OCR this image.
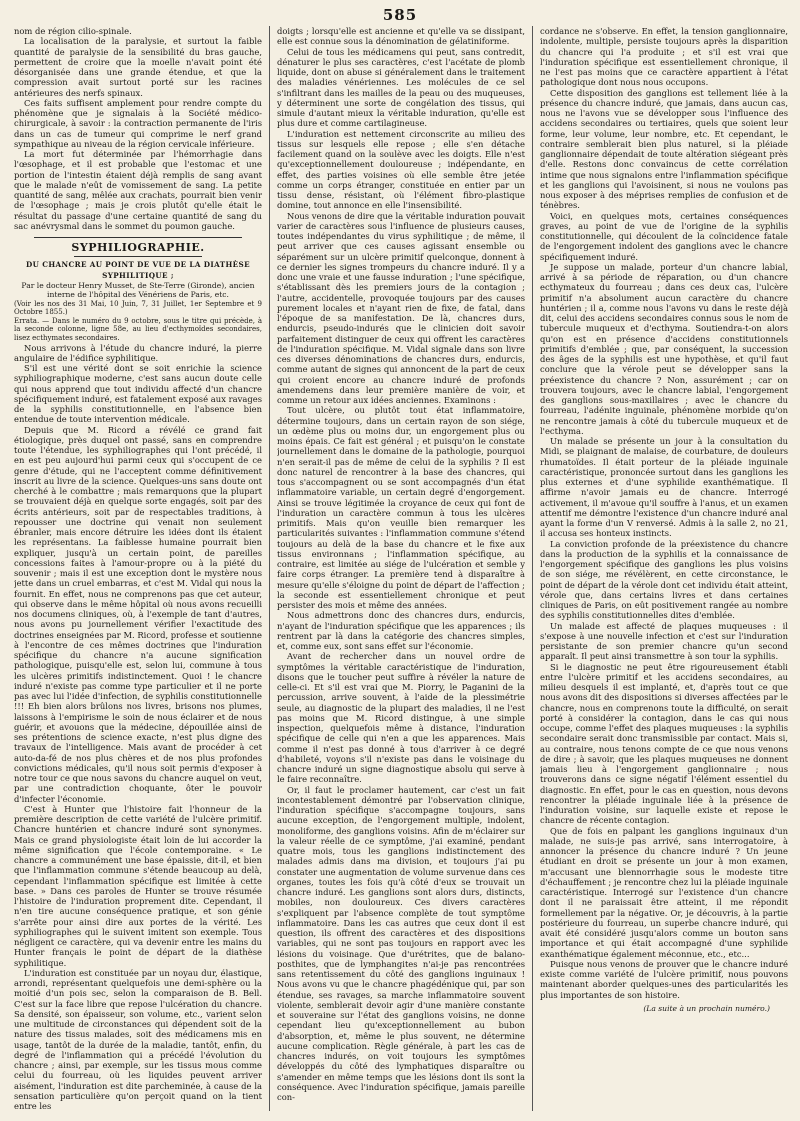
585

nom de région cilio-spinale.

La localisation de la paralysie, et surtout la faible quantité de paralysie de la sensibilité du bras gauche, permettent de croire que la moelle n'avait point été désorganisée dans une grande étendue, et que la compression avait surtout porté sur les racines antérieures des nerfs spinaux.

Ces faits suffisent amplement pour rendre compte du phénomène que je signalais à la Société médico-chirurgicale, à savoir : la contraction permanente de l'iris dans un cas de tumeur qui comprime le nerf grand sympathique au niveau de la région cervicale inférieure.

La mort fut déterminée par l'hémorrhagie dans l'œsophage, et il est probable que l'estomac et une portion de l'intestin étaient déjà remplis de sang avant que le malade n'eût de vomissement de sang. La petite quantité de sang, mêlée aux crachats, pourrait bien venir de l'œsophage ; mais je crois plutôt qu'elle était le résultat du passage d'une certaine quantité de sang du sac anévrysmal dans le sommet du poumon gauche.

SYPHILIOGRAPHIE.

DU CHANCRE AU POINT DE VUE DE LA DIATHÈSE SYPHILITIQUE ;

Par le docteur Henry Musset, de Ste-Terre (Gironde), ancien interne de l'hôpital des Vénériens de Paris, etc.

(Voir les nos des 31 Mai, 10 Juin, 7, 31 Juillet, 1er Septembre et 9 Octobre 1855.)

Errata. — Dans le numéro du 9 octobre, sous le titre qui précède, à la seconde colonne, ligne 58e, au lieu d'ecthymoïdes secondaires, lisez ecthymates secondaires.

Nous arrivons à l'étude du chancre induré, la pierre angulaire de l'édifice syphilitique.

S'il est une vérité dont se soit enrichie la science syphiliographique moderne, c'est sans aucun doute celle qui nous apprend que tout individu affecté d'un chancre spécifiquement induré, est fatalement exposé aux ravages de la syphilis constitutionnelle, en l'absence bien entendue de toute intervention médicale.

Depuis que M. Ricord a révélé ce grand fait étiologique, près duquel ont passé, sans en comprendre toute l'étendue, les syphiliographes qui l'ont précédé, il en est peu aujourd'hui parmi ceux qui s'occupent de ce genre d'étude, qui ne l'acceptent comme définitivement inscrit au livre de la science. Quelques-uns sans doute ont cherché à le combattre ; mais remarquons que la plupart se trouvaient déjà en quelque sorte engagés, soit par des écrits antérieurs, soit par de respectables traditions, à repousser une doctrine qui venait non seulement ébranler, mais encore détruire les idées dont ils étaient les représentans. La faiblesse humaine pourrait bien expliquer, jusqu'à un certain point, de pareilles concessions faites à l'amour-propre ou à la piété du souvenir ; mais il est une exception dont le mystère nous jette dans un cruel embarras, et c'est M. Vidal qui nous la fournit. En effet, nous ne comprenons pas que cet auteur, qui observe dans le même hôpital où nous avons recueilli nos documens cliniques, où, à l'exemple de tant d'autres, nous avons pu journellement vérifier l'exactitude des doctrines enseignées par M. Ricord, professe et soutienne à l'encontre de ces mêmes doctrines que l'induration spécifique du chancre n'a aucune signification pathologique, puisqu'elle est, selon lui, commune à tous les ulcères primitifs indistinctement. Quoi ! le chancre induré n'existe pas comme type particulier et il ne porte pas avec lui l'idée d'infection, de syphilis constitutionnelle !!! Eh bien alors brûlons nos livres, brisons nos plumes, laissons à l'empirisme le soin de nous éclairer et de nous guérir, et avouons que la médecine, dépouillée ainsi de ses prétentions de science exacte, n'est plus digne des travaux de l'intelligence. Mais avant de procéder à cet auto-da-fé de nos plus chères et de nos plus profondes convictions médicales, qu'il nous soit permis d'exposer à notre tour ce que nous savons du chancre auquel on veut, par une contradiction choquante, ôter le pouvoir d'infecter l'économie.

C'est à Hunter que l'histoire fait l'honneur de la première description de cette variété de l'ulcère primitif. Chancre huntérien et chancre induré sont synonymes. Mais ce grand physiologiste était loin de lui accorder la même signification que l'école contemporaine. « Le chancre a communément une base épaissie, dit-il, et bien que l'inflammation commune s'étende beaucoup au delà, cependant l'inflammation spécifique est limitée à cette base. » Dans ces paroles de Hunter se trouve résumée l'histoire de l'induration proprement dite. Cependant, il n'en tire aucune conséquence pratique, et son génie s'arrête pour ainsi dire aux portes de la vérité. Les syphiliographes qui le suivent imitent son exemple. Tous négligent ce caractère, qui va devenir entre les mains du Hunter français le point de départ de la diathèse syphilitique.

L'induration est constituée par un noyau dur, élastique, arrondi, représentant quelquefois une demi-sphère ou la moitié d'un pois sec, selon la comparaison de B. Bell. C'est sur la face libre que repose l'ulcération du chancre. Sa densité, son épaisseur, son volume, etc., varient selon une multitude de circonstances qui dépendent soit de la nature des tissus malades, soit des médicamens mis en usage, tantôt de la durée de la maladie, tantôt, enfin, du degré de l'inflammation qui a précédé l'évolution du chancre ; ainsi, par exemple, sur les tissus mous comme celui du fourreau, où les liquides peuvent arriver aisément, l'induration est dite parcheminée, à cause de la sensation particulière qu'on perçoit quand on la tient entre les

doigts ; lorsqu'elle est ancienne et qu'elle va se dissipant, elle est connue sous la dénomination de gélatiniforme.

Celui de tous les médicamens qui peut, sans contredit, dénaturer le plus ses caractères, c'est l'acétate de plomb liquide, dont on abuse si généralement dans le traitement des maladies vénériennes. Les molécules de ce sel s'infiltrant dans les mailles de la peau ou des muqueuses, y déterminent une sorte de congélation des tissus, qui simule d'autant mieux la véritable induration, qu'elle est plus dure et comme cartilagineuse.

L'induration est nettement circonscrite au milieu des tissus sur lesquels elle repose ; elle s'en détache facilement quand on la soulève avec les doigts. Elle n'est qu'exceptionnellement douloureuse ; indépendante, en effet, des parties voisines où elle semble être jetée comme un corps étranger, constituée en entier par un tissu dense, résistant, où l'élément fibro-plastique domine, tout annonce en elle l'insensibilité.

Nous venons de dire que la véritable induration pouvait varier de caractères sous l'influence de plusieurs causes, toutes indépendantes du virus syphilitique ; de même, il peut arriver que ces causes agissant ensemble ou séparément sur un ulcère primitif quelconque, donnent à ce dernier les signes trompeurs du chancre induré. Il y a donc une vraie et une fausse induration ; l'une spécifique, s'établissant dès les premiers jours de la contagion ; l'autre, accidentelle, provoquée toujours par des causes purement locales et n'ayant rien de fixe, de fatal, dans l'époque de sa manifestation. De là, chancres durs, endurcis, pseudo-indurés que le clinicien doit savoir parfaitement distinguer de ceux qui offrent les caractères de l'induration spécifique. M. Vidal signale dans son livre ces diverses dénominations de chancres durs, endurcis, comme autant de signes qui annoncent de la part de ceux qui croient encore au chancre induré de profonds amendemens dans leur première manière de voir, et comme un retour aux idées anciennes. Examinons :

Tout ulcère, ou plutôt tout état inflammatoire, détermine toujours, dans un certain rayon de son siége, un œdème plus ou moins dur, un engorgement plus ou moins épais. Ce fait est général ; et puisqu'on le constate journellement dans le domaine de la pathologie, pourquoi n'en serait-il pas de même de celui de la syphilis ? Il est donc naturel de rencontrer à la base des chancres, qui tous s'accompagnent ou se sont accompagnés d'un état inflammatoire variable, un certain degré d'engorgement. Ainsi se trouve légitimée la croyance de ceux qui font de l'induration un caractère commun à tous les ulcères primitifs. Mais qu'on veuille bien remarquer les particularités suivantes : l'inflammation commune s'étend toujours au delà de la base du chancre et le fixe aux tissus environnans ; l'inflammation spécifique, au contraire, est limitée au siége de l'ulcération et semble y faire corps étranger. La première tend à disparaître à mesure qu'elle s'éloigne du point de départ de l'affection ; la seconde est essentiellement chronique et peut persister des mois et même des années.

Nous admettrons donc des chancres durs, endurcis, n'ayant de l'induration spécifique que les apparences ; ils rentrent par là dans la catégorie des chancres simples, et, comme eux, sont sans effet sur l'économie.

Avant de rechercher dans un nouvel ordre de symptômes la véritable caractéristique de l'induration, disons que le toucher peut suffire à révéler la nature de celle-ci. Et s'il est vrai que M. Piorry, le Paganini de la percussion, arrive souvent, à l'aide de la plessimétrie seule, au diagnostic de la plupart des maladies, il ne l'est pas moins que M. Ricord distingue, à une simple inspection, quelquefois même à distance, l'induration spécifique de celle qui n'en a que les apparences. Mais comme il n'est pas donné à tous d'arriver à ce degré d'habileté, voyons s'il n'existe pas dans le voisinage du chancre induré un signe diagnostique absolu qui serve à le faire reconnaître.

Or, il faut le proclamer hautement, car c'est un fait incontestablement démontré par l'observation clinique, l'induration spécifique s'accompagne toujours, sans aucune exception, de l'engorgement multiple, indolent, monoliforme, des ganglions voisins. Afin de m'éclairer sur la valeur réelle de ce symptôme, j'ai examiné, pendant quatre mois, tous les ganglions indistinctement des malades admis dans ma division, et toujours j'ai pu constater une augmentation de volume survenue dans ces organes, toutes les fois qu'à côté d'eux se trouvait un chancre induré. Les ganglions sont alors durs, distincts, mobiles, non douloureux. Ces divers caractères s'expliquent par l'absence complète de tout symptôme inflammatoire. Dans les cas autres que ceux dont il est question, ils offrent des caractères et des dispositions variables, qui ne sont pas toujours en rapport avec les lésions du voisinage. Que d'urétrites, que de balano-posthites, que de lymphangites n'ai-je pas rencontrées sans retentissement du côté des ganglions inguinaux ! Nous avons vu que le chancre phagédénique qui, par son étendue, ses ravages, sa marche inflammatoire souvent violente, semblerait devoir agir d'une manière constante et souveraine sur l'état des ganglions voisins, ne donne cependant lieu qu'exceptionnellement au bubon d'absorption, et, même le plus souvent, ne détermine aucune complication. Règle générale, à part les cas de chancres indurés, on voit toujours les symptômes développés du côté des lymphatiques disparaître ou s'amender en même temps que les lésions dont ils sont la conséquence. Avec l'induration spécifique, jamais pareille con-

cordance ne s'observe. En effet, la tension ganglionnaire, indolente, multiple, persiste toujours après la disparition du chancre qui l'a produite ; et s'il est vrai que l'induration spécifique est essentiellement chronique, il ne l'est pas moins que ce caractère appartient à l'état pathologique dont nous nous occupons.

Cette disposition des ganglions est tellement liée à la présence du chancre induré, que jamais, dans aucun cas, nous ne l'avons vue se développer sous l'influence des accidens secondaires ou tertiaires, quels que soient leur forme, leur volume, leur nombre, etc. Et cependant, le contraire semblerait bien plus naturel, si la pléiade ganglionnaire dépendait de toute altération siégeant près d'elle. Restons donc convaincus de cette corrélation intime que nous signalons entre l'inflammation spécifique et les ganglions qui l'avoisinent, si nous ne voulons pas nous exposer à des méprises remplies de confusion et de ténèbres.

Voici, en quelques mots, certaines conséquences graves, au point de vue de l'origine de la syphilis constitutionnelle, qui découlent de la coïncidence fatale de l'engorgement indolent des ganglions avec le chancre spécifiquement induré.

Je suppose un malade, porteur d'un chancre labial, arrivé à sa période de réparation, ou d'un chancre ecthymateux du fourreau ; dans ces deux cas, l'ulcère primitif n'a absolument aucun caractère du chancre huntérien ; il a, comme nous l'avons vu dans le reste déjà dit, celui des accidens secondaires connus sous le nom de tubercule muqueux et d'ecthyma. Soutiendra-t-on alors qu'on est en présence d'accidens constitutionnels primitifs d'emblée ; que, par conséquent, la succession des âges de la syphilis est une hypothèse, et qu'il faut conclure que la vérole peut se développer sans la préexistence du chancre ? Non, assurément ; car on trouvera toujours, avec le chancre labial, l'engorgement des ganglions sous-maxillaires ; avec le chancre du fourreau, l'adénite inguinale, phénomène morbide qu'on ne rencontre jamais à côté du tubercule muqueux et de l'ecthyma.

Un malade se présente un jour à la consultation du Midi, se plaignant de malaise, de courbature, de douleurs rhumatoïdes. Il était porteur de la pléiade inguinale caractéristique, prononcée surtout dans les ganglions les plus externes et d'une syphilide exanthématique. Il affirme n'avoir jamais eu de chancre. Interrogé activement, il m'avoue qu'il souffre à l'anus, et un examen attentif me démontre l'existence d'un chancre induré anal ayant la forme d'un V renversé. Admis à la salle 2, no 21, il accusa ses honteux instincts.

La conviction profonde de la préexistence du chancre dans la production de la syphilis et la connaissance de l'engorgement spécifique des ganglions les plus voisins de son siége, me révélèrent, en cette circonstance, le point de départ de la vérole dont cet individu était atteint, vérole que, dans certains livres et dans certaines cliniques de Paris, on eût positivement rangée au nombre des syphilis constitutionnelles dites d'emblée.

Un malade est affecté de plaques muqueuses : il s'expose à une nouvelle infection et c'est sur l'induration persistante de son premier chancre qu'un second apparaît. Il peut ainsi transmettre à son tour la syphilis.

Si le diagnostic ne peut être rigoureusement établi entre l'ulcère primitif et les accidens secondaires, au milieu desquels il est implanté, et, d'après tout ce que nous avons dit des dispositions si diverses affectées par le chancre, nous en comprenons toute la difficulté, on serait porté à considérer la contagion, dans le cas qui nous occupe, comme l'effet des plaques muqueuses : la syphilis secondaire serait donc transmissible par contact. Mais si, au contraire, nous tenons compte de ce que nous venons de dire ; à savoir, que les plaques muqueuses ne donnent jamais lieu à l'engorgement ganglionnaire ; nous trouverons dans ce signe négatif l'élément essentiel du diagnostic. En effet, pour le cas en question, nous devons rencontrer la pléiade inguinale liée à la présence de l'induration voisine, sur laquelle existe et repose le chancre de récente contagion.

Que de fois en palpant les ganglions inguinaux d'un malade, ne suis-je pas arrivé, sans interrogatoire, à annoncer la présence du chancre induré ? Un jeune étudiant en droit se présente un jour à mon examen, m'accusant une blennorrhagie sous le modeste titre d'échauffement ; je rencontre chez lui la pléiade inguinale caractéristique. Interrogé sur l'existence d'un chancre dont il ne paraissait être atteint, il me répondit formellement par la négative. Or, je découvris, à la partie postérieure du fourreau, un superbe chancre induré, qui avait été considéré jusqu'alors comme un bouton sans importance et qui était accompagné d'une syphilide exanthématique également méconnue, etc., etc...

Puisque nous venons de prouver que le chancre induré existe comme variété de l'ulcère primitif, nous pouvons maintenant aborder quelques-unes des particularités les plus importantes de son histoire.

(La suite à un prochain numéro.)
